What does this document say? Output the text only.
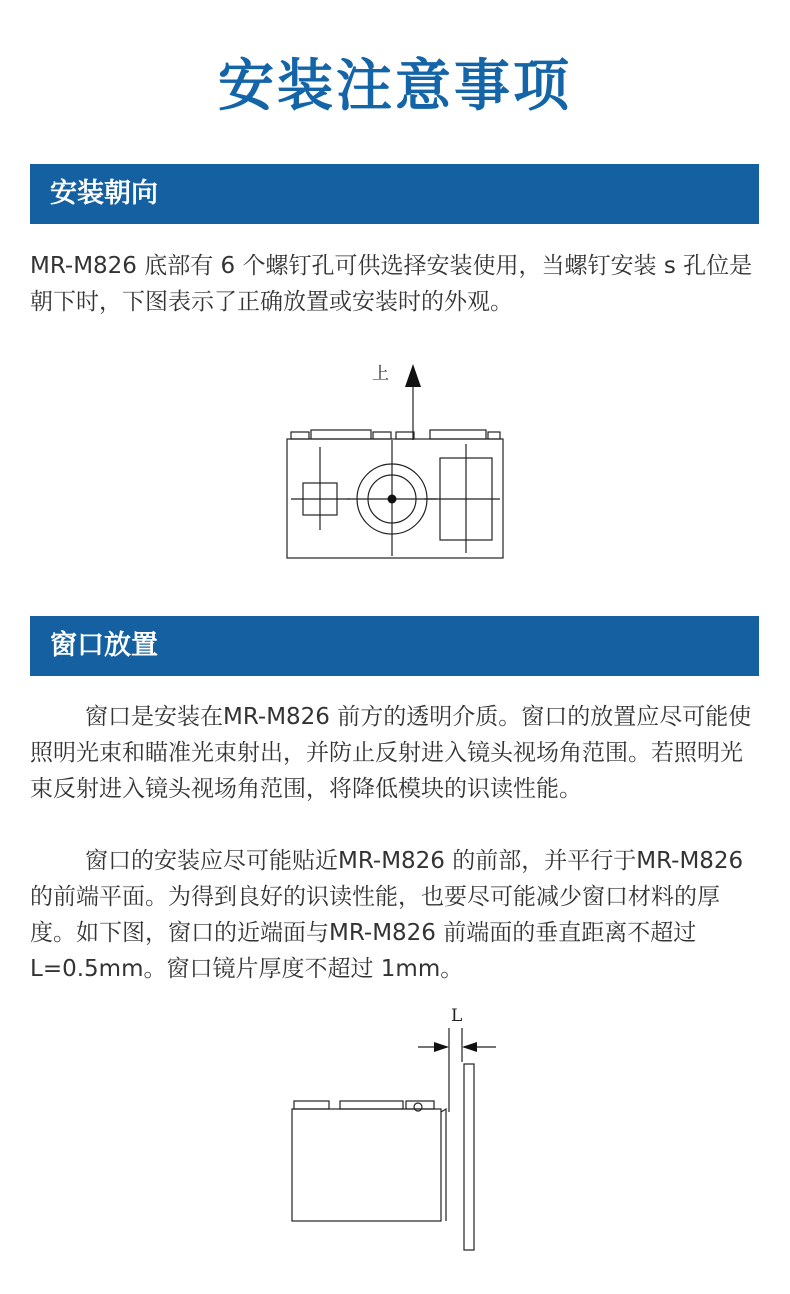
安装注意事项
安装朝向

MR-M826 底部有 6 个螺钉孔可供选择安装使用，当螺钉安装 s 孔位是朝下时，下图表示了正确放置或安装时的外观。

上
窗口放置

窗口是安装在MR-M826 前方的透明介质。窗口的放置应尽可能使照明光束和瞄准光束射出，并防止反射进入镜头视场角范围。若照明光束反射进入镜头视场角范围，将降低模块的识读性能。

窗口的安装应尽可能贴近MR-M826 的前部，并平行于MR-M826 的前端平面。为得到良好的识读性能，也要尽可能减少窗口材料的厚度。如下图，窗口的近端面与MR-M826 前端面的垂直距离不超过L=0.5mm。窗口镜片厚度不超过 1mm。

L
